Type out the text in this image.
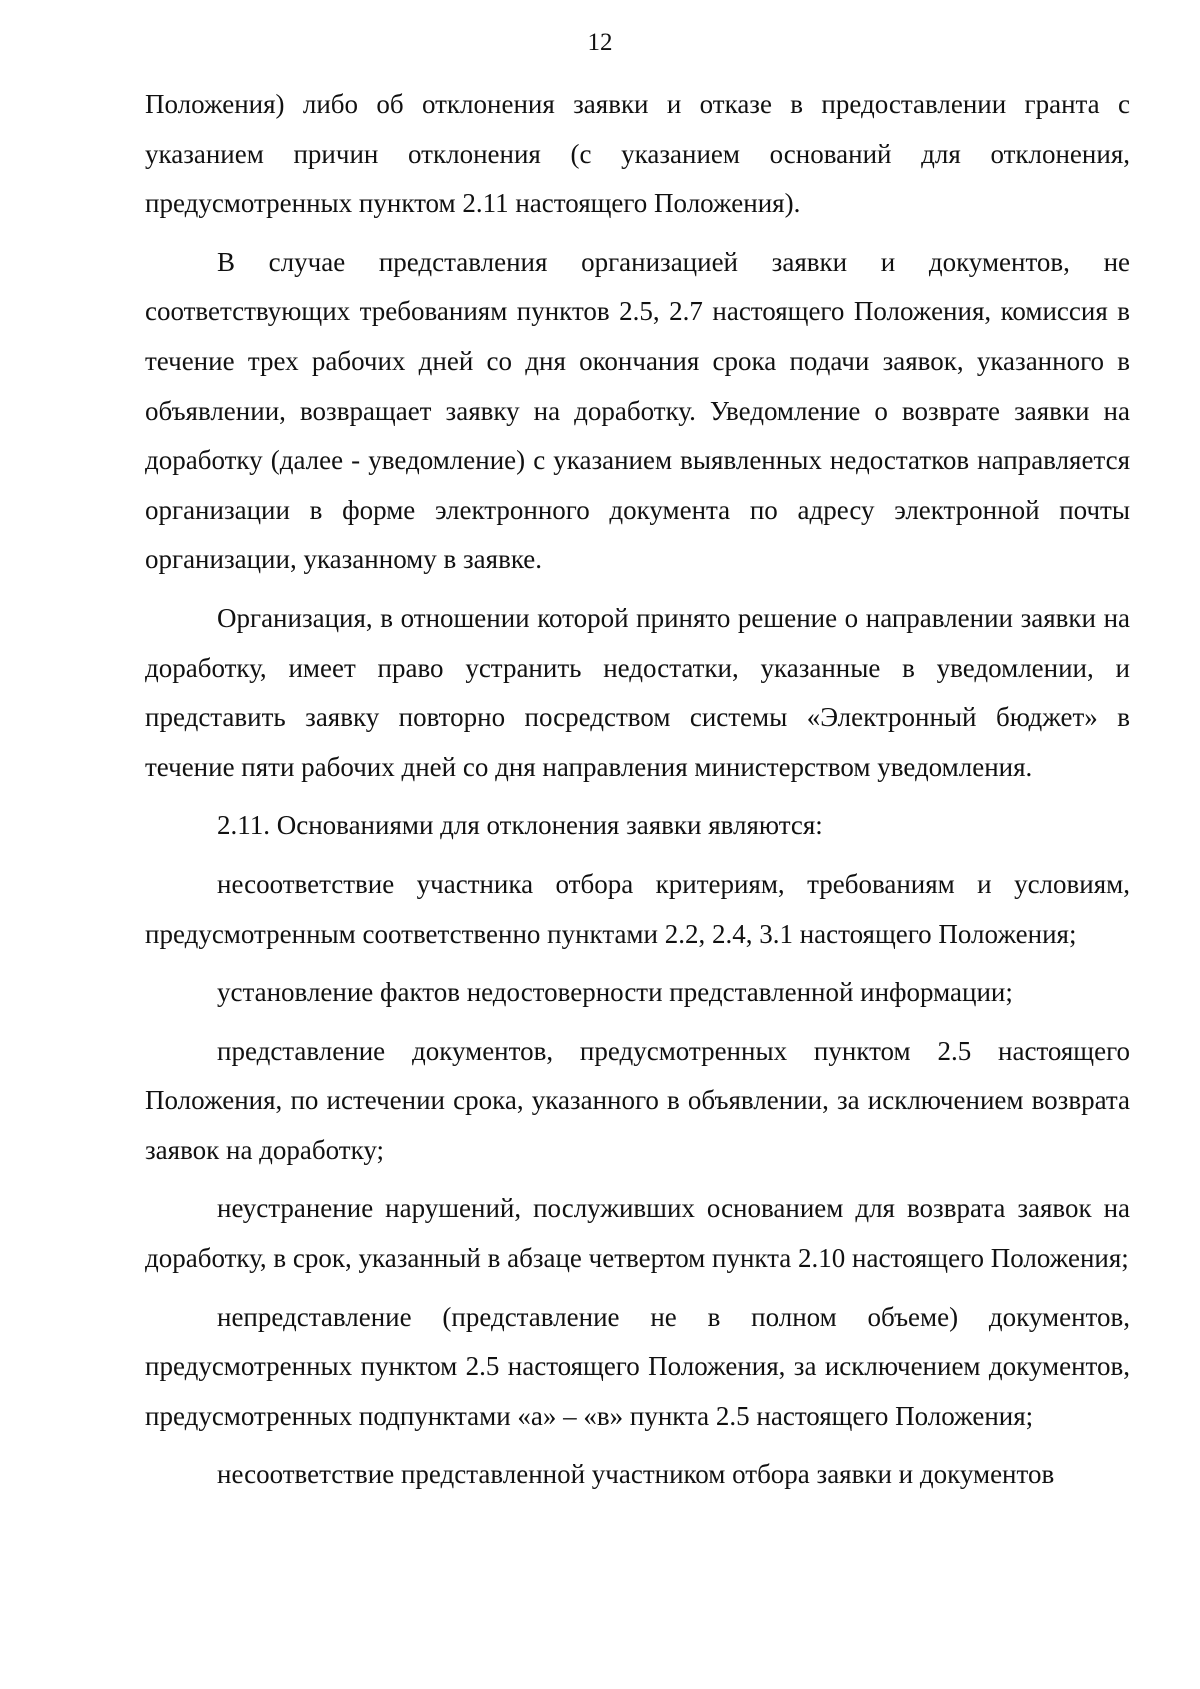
12

Положения) либо об отклонения заявки и отказе в предоставлении гранта с указанием причин отклонения (с указанием оснований для отклонения, предусмотренных пунктом 2.11 настоящего Положения).

В случае представления организацией заявки и документов, не соответствующих требованиям пунктов 2.5, 2.7 настоящего Положения, комиссия в течение трех рабочих дней со дня окончания срока подачи заявок, указанного в объявлении, возвращает заявку на доработку. Уведомление о возврате заявки на доработку (далее - уведомление) с указанием выявленных недостатков направляется организации в форме электронного документа по адресу электронной почты организации, указанному в заявке.

Организация, в отношении которой принято решение о направлении заявки на доработку, имеет право устранить недостатки, указанные в уведомлении, и представить заявку повторно посредством системы «Электронный бюджет» в течение пяти рабочих дней со дня направления министерством уведомления.

2.11. Основаниями для отклонения заявки являются:

несоответствие участника отбора критериям, требованиям и условиям, предусмотренным соответственно пунктами 2.2, 2.4, 3.1 настоящего Положения;

установление фактов недостоверности представленной информации;

представление документов, предусмотренных пунктом 2.5 настоящего Положения, по истечении срока, указанного в объявлении, за исключением возврата заявок на доработку;

неустранение нарушений, послуживших основанием для возврата заявок на доработку, в срок, указанный в абзаце четвертом пункта 2.10 настоящего Положения;

непредставление (представление не в полном объеме) документов, предусмотренных пунктом 2.5 настоящего Положения, за исключением документов, предусмотренных подпунктами «а» – «в» пункта 2.5 настоящего Положения;

несоответствие представленной участником отбора заявки и документов
